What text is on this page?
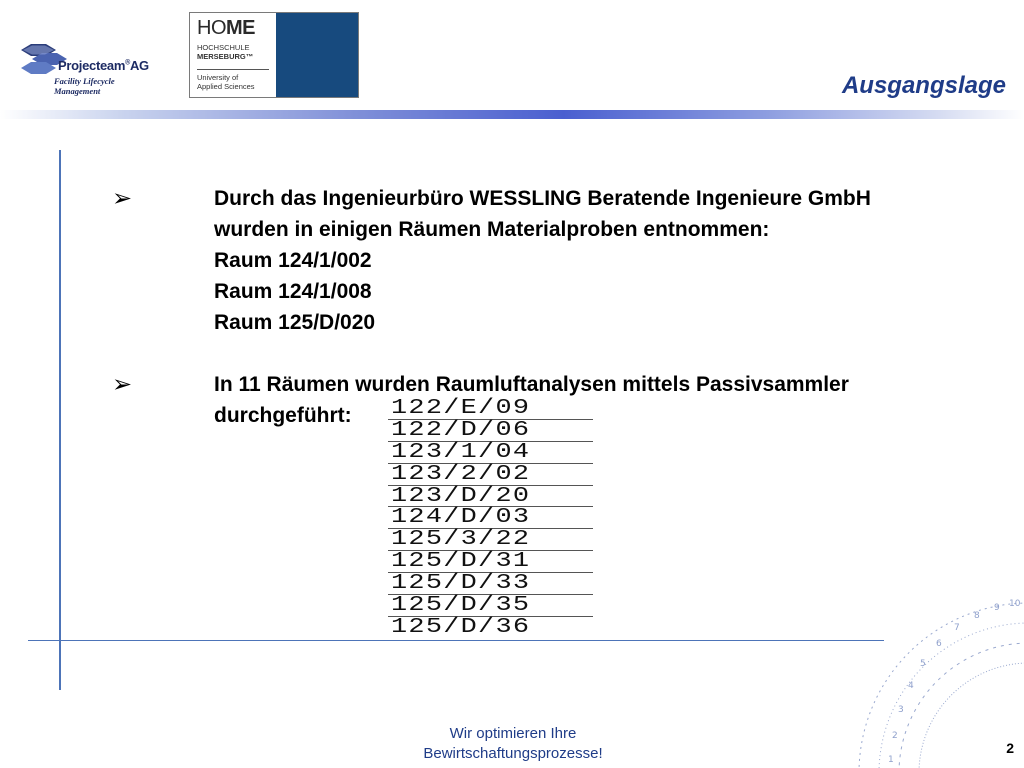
Projecteam®AG
Facility Lifecycle Management
HOME
HOCHSCHULE
MERSEBURG™
University of
Applied Sciences	Ausgangslage
➢	Durch das Ingenieurbüro WESSLING Beratende Ingenieure GmbH
wurden in einigen Räumen Materialproben entnommen:
Raum 124/1/002
Raum 124/1/008
Raum 125/D/020
➢	In 11 Räumen wurden Raumluftanalysen mittels Passivsammler
durchgeführt:	122/E/09
122/D/06
123/1/04
123/2/02
123/D/20
124/D/03
125/3/22
125/D/31
125/D/33
125/D/35
125/D/36
9
8
7
6
5
4
3
2
1
10
Wir optimieren Ihre
Bewirtschaftungsprozesse!	2
